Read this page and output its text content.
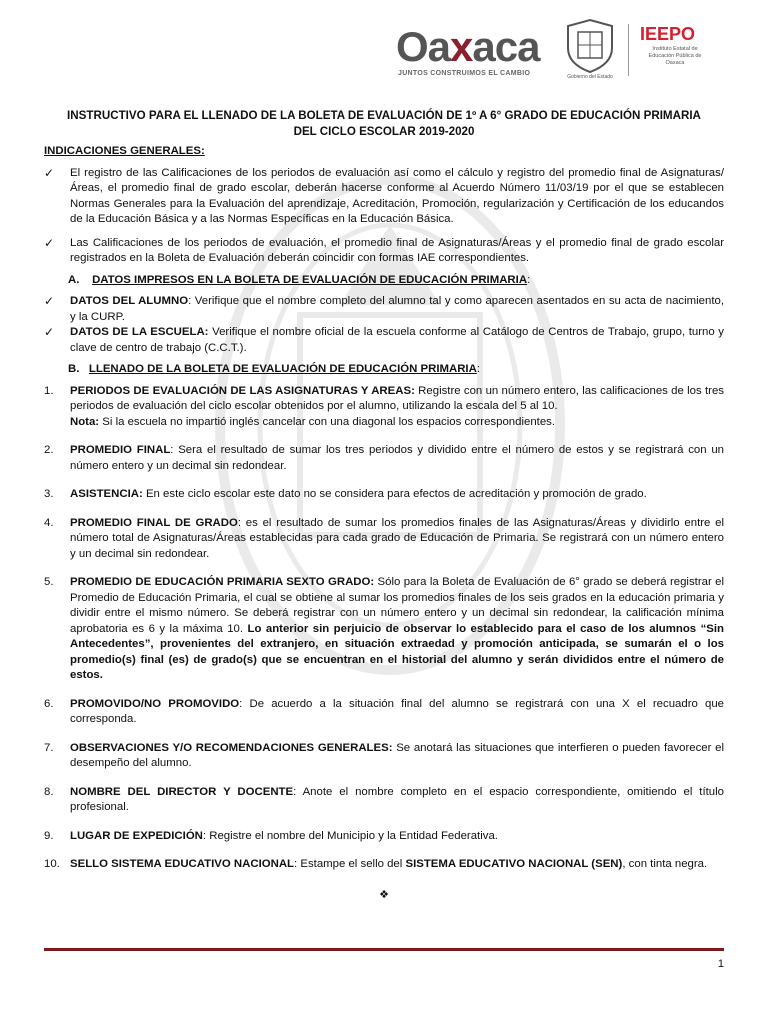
Oaxaca
JUNTOS CONSTRUIMOS EL CAMBIO	Gobierno del Estado
IEEPO
Instituto Estatal de Educación Pública de Oaxaca
INSTRUCTIVO PARA EL LLENADO DE LA BOLETA DE EVALUACIÓN DE 1º A 6° GRADO DE EDUCACIÓN PRIMARIA
DEL CICLO ESCOLAR 2019-2020
INDICACIONES GENERALES:
✓	El registro de las Calificaciones de los periodos de evaluación así como el cálculo y registro del promedio final de Asignaturas/Áreas, el promedio final de grado escolar, deberán hacerse conforme al Acuerdo Número 11/03/19 por el que se establecen Normas Generales para la Evaluación del aprendizaje, Acreditación, Promoción, regularización y Certificación de los educandos de la Educación Básica y a las Normas Específicas en la Educación Básica.
✓	Las Calificaciones de los periodos de evaluación, el promedio final de Asignaturas/Áreas y el promedio final de grado escolar registrados en la Boleta de Evaluación deberán coincidir con formas IAE correspondientes.
A. DATOS IMPRESOS EN LA BOLETA DE EVALUACIÓN DE EDUCACIÓN PRIMARIA:
✓	DATOS DEL ALUMNO: Verifique que el nombre completo del alumno tal y como aparecen asentados en su acta de nacimiento, y la CURP.
✓	DATOS DE LA ESCUELA: Verifique el nombre oficial de la escuela conforme al Catálogo de Centros de Trabajo, grupo, turno y clave de centro de trabajo (C.C.T.).
B. LLENADO DE LA BOLETA DE EVALUACIÓN DE EDUCACIÓN PRIMARIA:
1.	PERIODOS DE EVALUACIÓN DE LAS ASIGNATURAS Y AREAS: Registre con un número entero, las calificaciones de los tres periodos de evaluación del ciclo escolar obtenidos por el alumno, utilizando la escala del 5 al 10.
Nota: Si la escuela no impartió inglés cancelar con una diagonal los espacios correspondientes.
2.	PROMEDIO FINAL: Sera el resultado de sumar los tres periodos y dividido entre el número de estos y se registrará con un número entero y un decimal sin redondear.
3.	ASISTENCIA: En este ciclo escolar este dato no se considera para efectos de acreditación y promoción de grado.
4.	PROMEDIO FINAL DE GRADO: es el resultado de sumar los promedios finales de las Asignaturas/Áreas y dividirlo entre el número total de Asignaturas/Áreas establecidas para cada grado de Educación de Primaria. Se registrará con un número entero y un decimal sin redondear.
5.	PROMEDIO DE EDUCACIÓN PRIMARIA SEXTO GRADO: Sólo para la Boleta de Evaluación de 6° grado se deberá registrar el Promedio de Educación Primaria, el cual se obtiene al sumar los promedios finales de los seis grados en la educación primaria y dividir entre el mismo número. Se deberá registrar con un número entero y un decimal sin redondear, la calificación mínima aprobatoria es 6 y la máxima 10. Lo anterior sin perjuicio de observar lo establecido para el caso de los alumnos “Sin Antecedentes”, provenientes del extranjero, en situación extraedad y promoción anticipada, se sumarán el o los promedio(s) final (es) de grado(s) que se encuentran en el historial del alumno y serán divididos entre el número de estos.
6.	PROMOVIDO/NO PROMOVIDO: De acuerdo a la situación final del alumno se registrará con una X el recuadro que corresponda.
7.	OBSERVACIONES Y/O RECOMENDACIONES GENERALES: Se anotará las situaciones que interfieren o pueden favorecer el desempeño del alumno.
8.	NOMBRE DEL DIRECTOR Y DOCENTE: Anote el nombre completo en el espacio correspondiente, omitiendo el título profesional.
9.	LUGAR DE EXPEDICIÓN: Registre el nombre del Municipio y la Entidad Federativa.
10. SELLO SISTEMA EDUCATIVO NACIONAL: Estampe el sello del SISTEMA EDUCATIVO NACIONAL (SEN), con tinta negra.
❖
1
